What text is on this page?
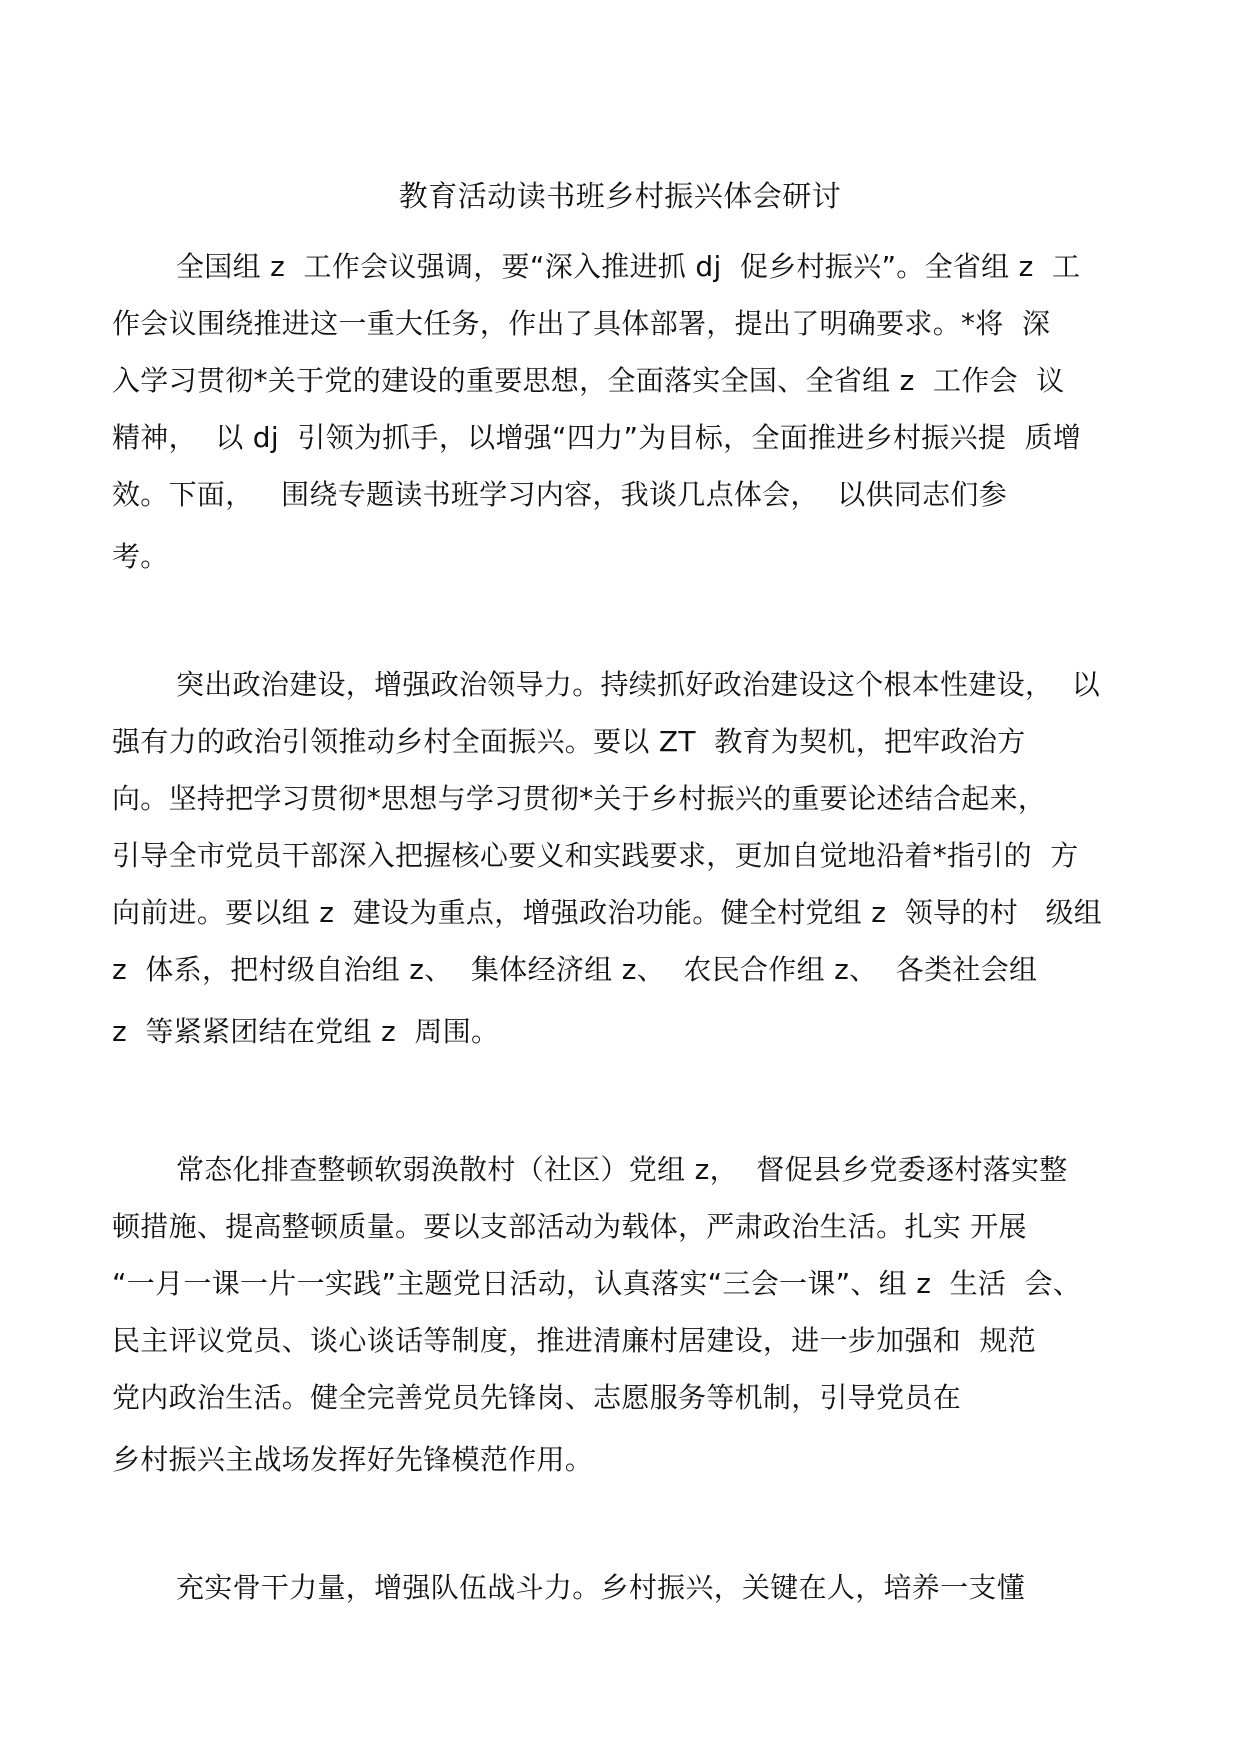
教育活动读书班乡村振兴体会研讨
全国组 z  工作会议强调，要“深入推进抓 dj  促乡村振兴”。全省组 z  工
作会议围绕推进这一重大任务，作出了具体部署，提出了明确要求。*将  深
入学习贯彻*关于党的建设的重要思想，全面落实全国、全省组 z  工作会  议
精神，  以 dj  引领为抓手，以增强“四力”为目标，全面推进乡村振兴提  质增
效。下面，   围绕专题读书班学习内容，我谈几点体会，  以供同志们参
考。
突出政治建设，增强政治领导力。持续抓好政治建设这个根本性建设，  以
强有力的政治引领推动乡村全面振兴。要以 ZT  教育为契机，把牢政治方
向。坚持把学习贯彻*思想与学习贯彻*关于乡村振兴的重要论述结合起来，
引导全市党员干部深入把握核心要义和实践要求，更加自觉地沿着*指引的  方
向前进。要以组 z  建设为重点，增强政治功能。健全村党组 z  领导的村   级组
z  体系，把村级自治组 z、  集体经济组 z、  农民合作组 z、  各类社会组
z  等紧紧团结在党组 z  周围。
常态化排查整顿软弱涣散村（社区）党组 z，  督促县乡党委逐村落实整
顿措施、提高整顿质量。要以支部活动为载体，严肃政治生活。扎实 开展
“一月一课一片一实践”主题党日活动，认真落实“三会一课”、组 z  生活  会、
民主评议党员、谈心谈话等制度，推进清廉村居建设，进一步加强和  规范
党内政治生活。健全完善党员先锋岗、志愿服务等机制，引导党员在
乡村振兴主战场发挥好先锋模范作用。
充实骨干力量，增强队伍战斗力。乡村振兴，关键在人，培养一支懂
